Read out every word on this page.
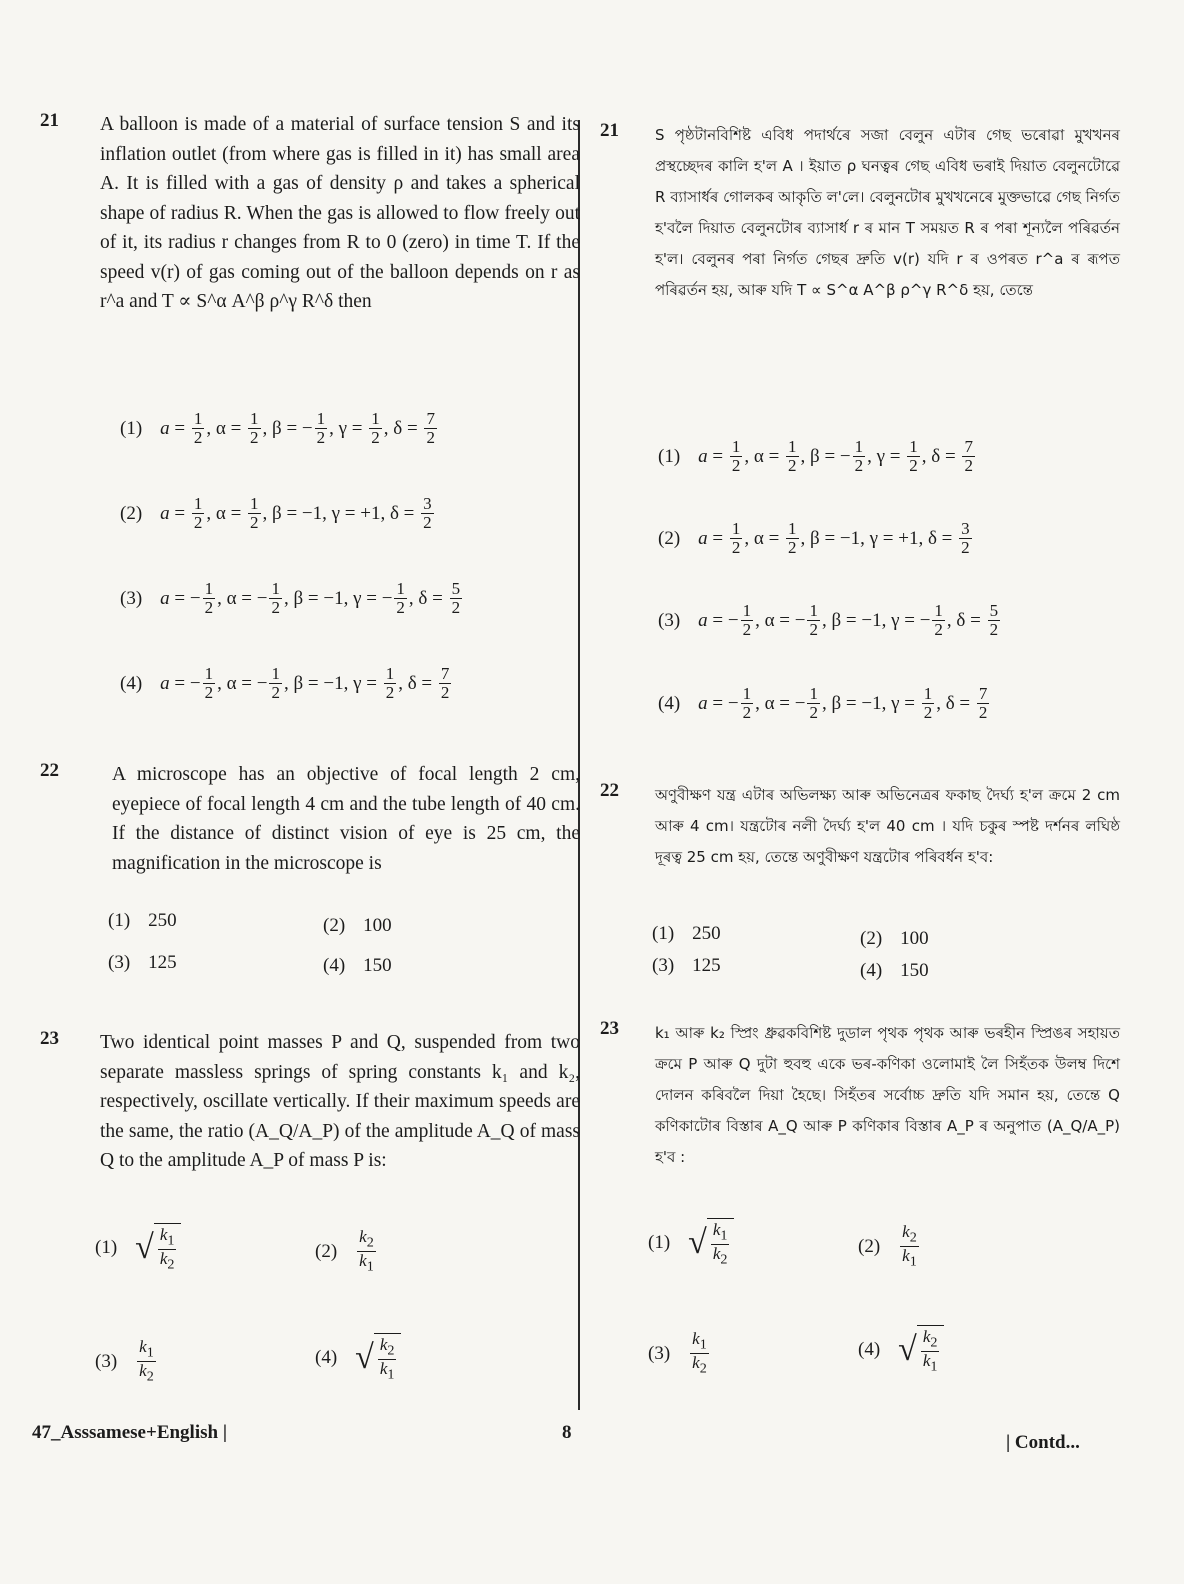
21 A balloon is made of a material of surface tension S and its inflation outlet (from where gas is filled in it) has small area A. It is filled with a gas of density ρ and takes a spherical shape of radius R. When the gas is allowed to flow freely out of it, its radius r changes from R to 0 (zero) in time T. If the speed v(r) of gas coming out of the balloon depends on r as r^a and T ∝ S^α A^β ρ^γ R^δ then
(1) $a = \frac{1}{2}$ , $\alpha = \frac{1}{2}$ , β = − $\frac{1}{2}$ , $\gamma = \frac{1}{2}$ , $\delta = \frac{7}{2}$
(2) $a = \frac{1}{2}$ , $\alpha = \frac{1}{2}$ , β = −1, γ = +1, $\delta = \frac{3}{2}$
(3) a = − $\frac{1}{2}$ , α = − $\frac{1}{2}$ , β = −1, γ = − $\frac{1}{2}$ , $\delta = \frac{5}{2}$
(4) a = − $\frac{1}{2}$ , α = − $\frac{1}{2}$ , β = −1, $\gamma = \frac{1}{2}$ , $\delta = \frac{7}{2}$
22	A microscope has an objective of focal length 2 cm, eyepiece of focal length 4 cm and the tube length of 40 cm. If the distance of distinct vision of eye is 25 cm, the magnification in the microscope is
(1) 250	(2) 100
(3) 125	(4) 150
23 Two identical point masses P and Q, suspended from two separate massless springs of spring constants k₁ and k₂, respectively, oscillate vertically. If their maximum speeds are the same, the ratio (A_Q/A_P) of the amplitude A_Q of mass Q to the amplitude A_P of mass P is:
(1) √ $\frac{k_1}{k_2}$	$(2) \frac{k_2}{k_1}$
$(3) \frac{k_1}{k_2}$	(4) √ $\frac{k_2}{k_1}$
21 S পৃষ্ঠটানবিশিষ্ট এবিধ পদাৰ্থৰে সজা বেলুন এটাৰ গেছ ভৰোৱা মুখখনৰ প্ৰস্থচ্ছেদৰ কালি হ'ল A । ইয়াত ρ ঘনত্বৰ গেছ এবিধ ভৰাই দিয়াত বেলুনটোৱে R ব্যাসাৰ্ধৰ গোলকৰ আকৃতি ল'লে। বেলুনটোৰ মুখখনেৰে মুক্তভাৱে গেছ নিৰ্গত হ'বলৈ দিয়াত বেলুনটোৰ ব্যাসাৰ্ধ r ৰ মান T সময়ত R ৰ পৰা শূন্যলৈ পৰিৱৰ্তন হ'ল। বেলুনৰ পৰা নিৰ্গত গেছৰ দ্ৰুতি v(r) যদি r ৰ ওপৰত r^a ৰ ৰূপত পৰিৱৰ্তন হয়, আৰু যদি T ∝ S^α A^β ρ^γ R^δ হয়, তেন্তে
(1) $a = \frac{1}{2}$ , $\alpha = \frac{1}{2}$ , β = − $\frac{1}{2}$ , $\gamma = \frac{1}{2}$ , $\delta = \frac{7}{2}$
(2) $a = \frac{1}{2}$ , $\alpha = \frac{1}{2}$ , β = −1, γ = +1, $\delta = \frac{3}{2}$
(3) a = − $\frac{1}{2}$ , α = − $\frac{1}{2}$ , β = −1, γ = − $\frac{1}{2}$ , $\delta = \frac{5}{2}$
(4) a = − $\frac{1}{2}$ , α = − $\frac{1}{2}$ , β = −1, $\gamma = \frac{1}{2}$ , $\delta = \frac{7}{2}$
22 অণুবীক্ষণ যন্ত্ৰ এটাৰ অভিলক্ষ্য আৰু অভিনেত্ৰৰ ফকাছ দৈৰ্ঘ্য হ'ল ক্ৰমে 2 cm আৰু 4 cm। যন্ত্ৰটোৰ নলী দৈৰ্ঘ্য হ'ল 40 cm । যদি চকুৰ স্পষ্ট দৰ্শনৰ লঘিষ্ঠ দূৰত্ব 25 cm হয়, তেন্তে অণুবীক্ষণ যন্ত্ৰটোৰ পৰিবৰ্ধন হ'ব:
(1) 250	(2) 100
(3) 125	(4) 150
23 k₁ আৰু k₂ স্প্ৰিং ধ্ৰুৱকবিশিষ্ট দুডাল পৃথক পৃথক আৰু ভৰহীন স্প্ৰিঙৰ সহায়ত ক্ৰমে P আৰু Q দুটা হুবহু একে ভৰ-কণিকা ওলোমাই লৈ সিহঁতক উলম্ব দিশে দোলন কৰিবলৈ দিয়া হৈছে। সিহঁতৰ সৰ্বোচ্চ দ্ৰুতি যদি সমান হয়, তেন্তে Q কণিকাটোৰ বিস্তাৰ A_Q আৰু P কণিকাৰ বিস্তাৰ A_P ৰ অনুপাত (A_Q/A_P) হ'ব :
(1) √ $\frac{k_1}{k_2}$	$(2) \frac{k_2}{k_1}$
$(3) \frac{k_1}{k_2}$	(4) √ $\frac{k_2}{k_1}$
47_Asssamese+English |	8	| Contd...
